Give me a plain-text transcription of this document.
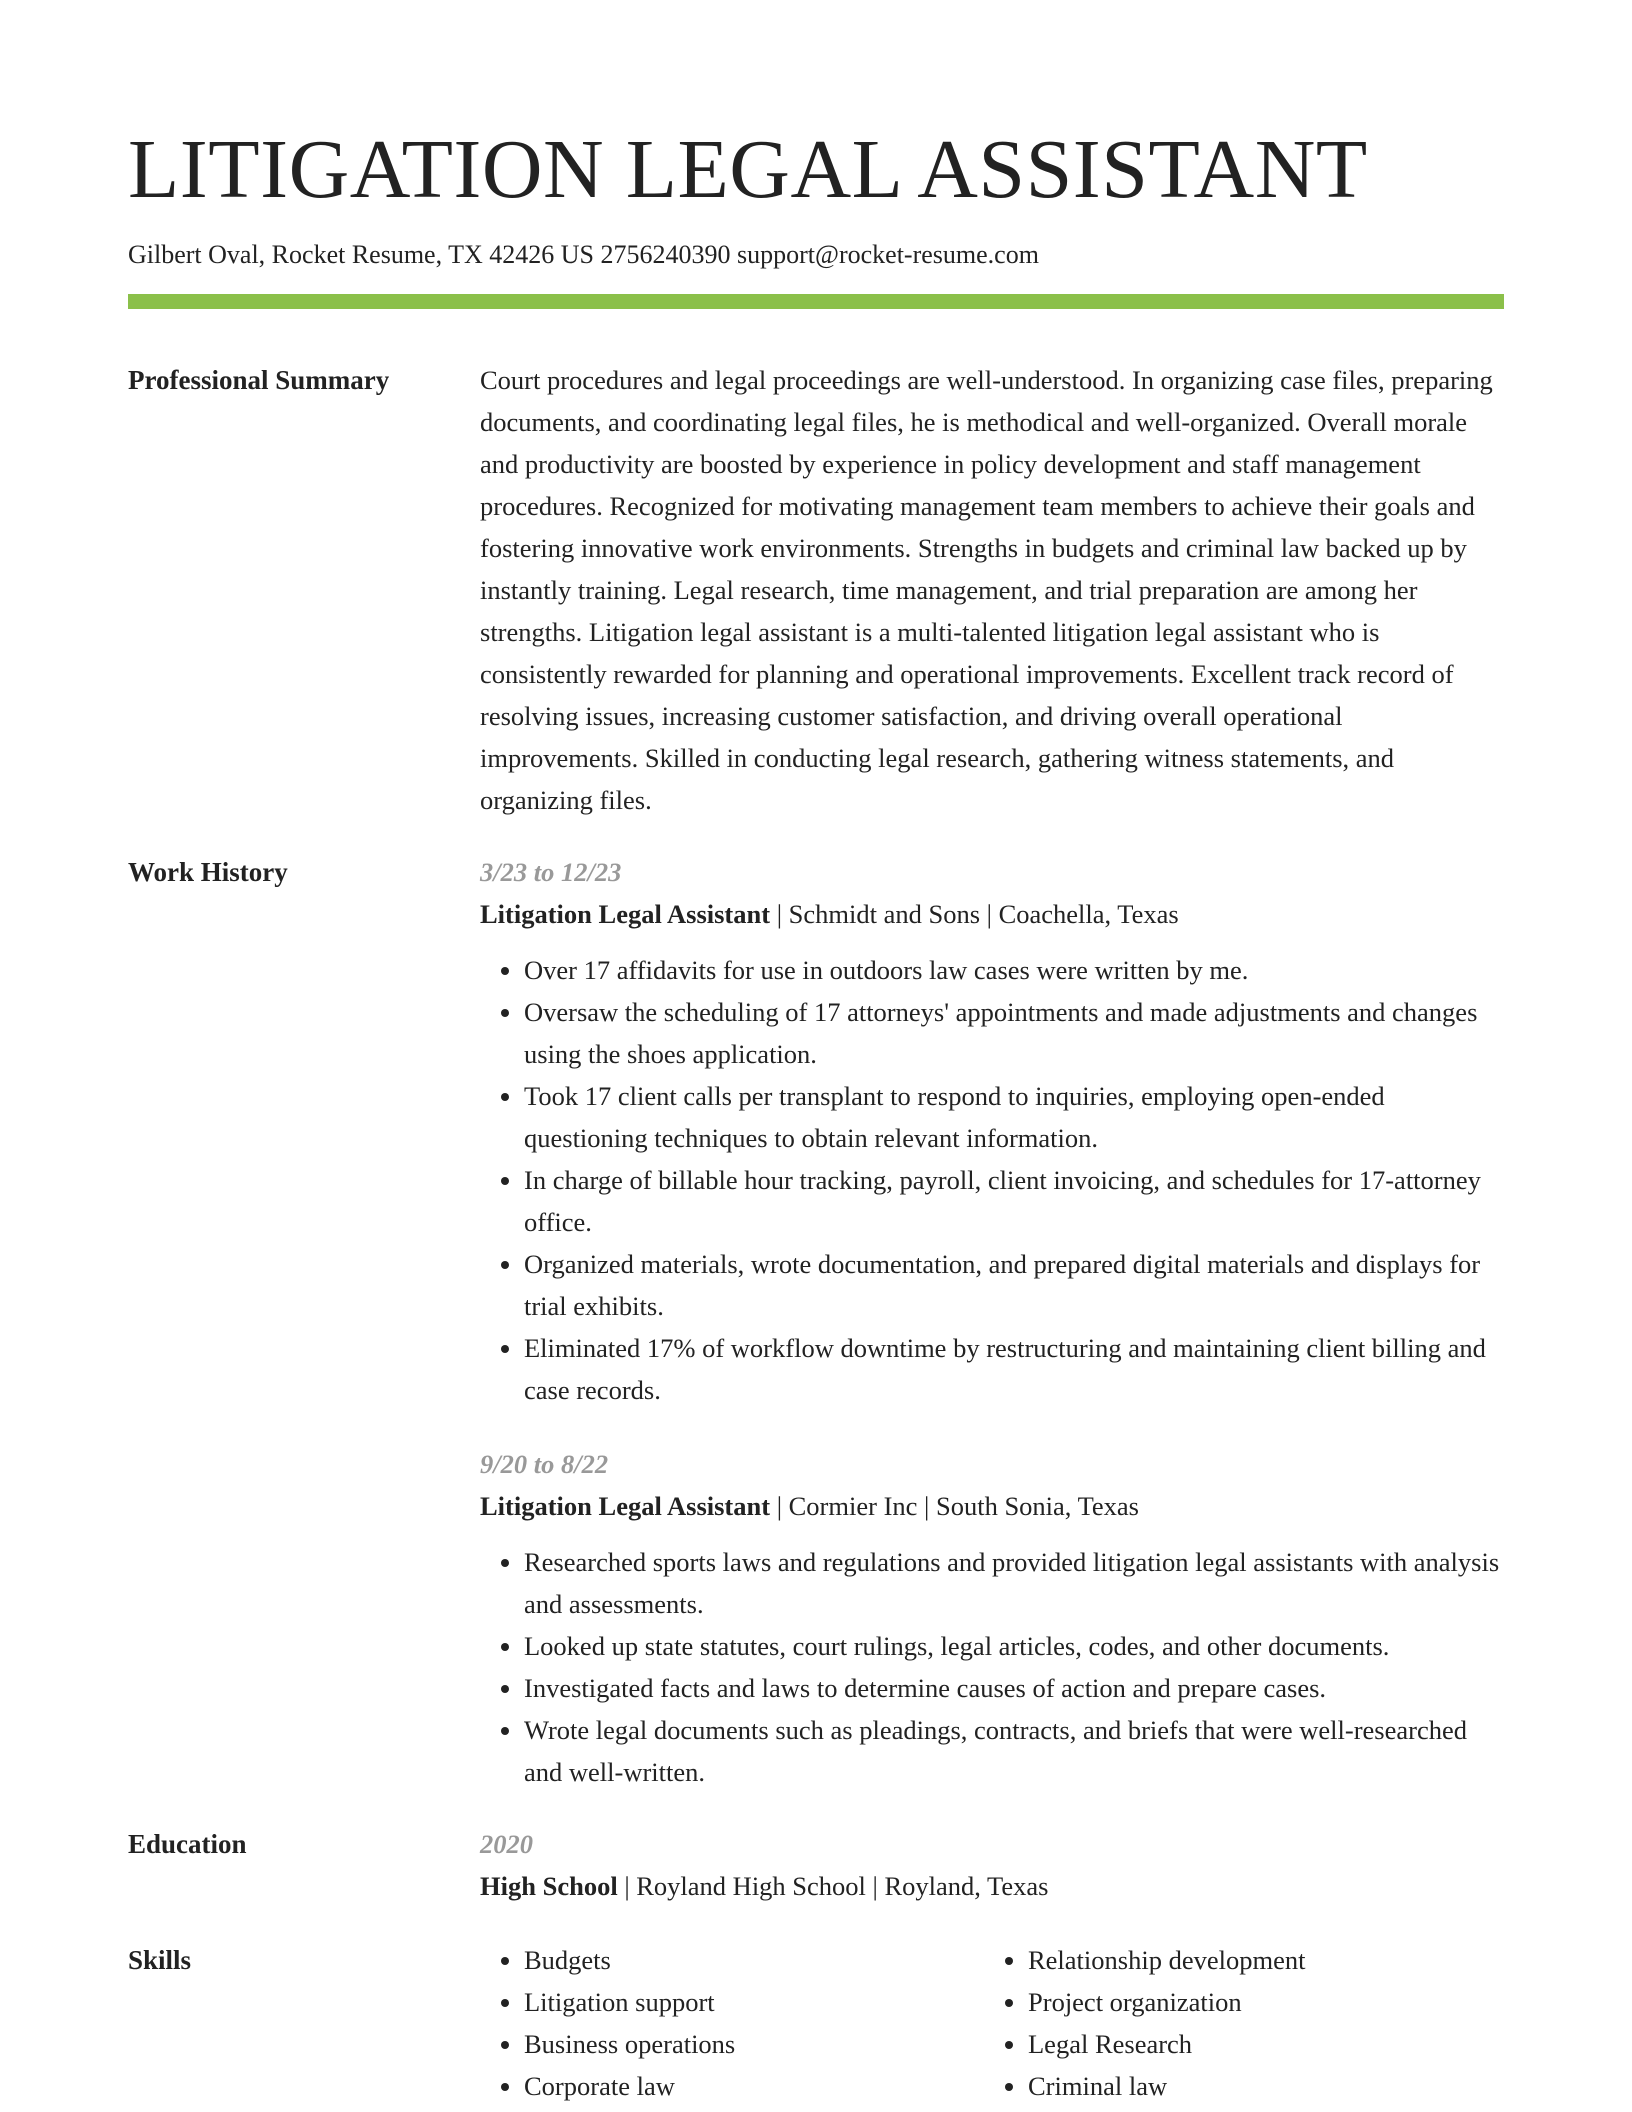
LITIGATION LEGAL ASSISTANT
Gilbert Oval, Rocket Resume, TX 42426 US 2756240390 support@rocket-resume.com
Professional Summary	Court procedures and legal proceedings are well-understood. In organizing case files, preparing documents, and coordinating legal files, he is methodical and well-organized. Overall morale and productivity are boosted by experience in policy development and staff management procedures. Recognized for motivating management team members to achieve their goals and fostering innovative work environments. Strengths in budgets and criminal law backed up by instantly training. Legal research, time management, and trial preparation are among her strengths. Litigation legal assistant is a multi-talented litigation legal assistant who is consistently rewarded for planning and operational improvements. Excellent track record of resolving issues, increasing customer satisfaction, and driving overall operational improvements. Skilled in conducting legal research, gathering witness statements, and organizing files.

Work History	3/23 to 12/23
Litigation Legal Assistant | Schmidt and Sons | Coachella, Texas
• Over 17 affidavits for use in outdoors law cases were written by me.
• Oversaw the scheduling of 17 attorneys' appointments and made adjustments and changes using the shoes application.
• Took 17 client calls per transplant to respond to inquiries, employing open-ended questioning techniques to obtain relevant information.
• In charge of billable hour tracking, payroll, client invoicing, and schedules for 17-attorney office.
• Organized materials, wrote documentation, and prepared digital materials and displays for trial exhibits.
• Eliminated 17% of workflow downtime by restructuring and maintaining client billing and case records.
9/20 to 8/22
Litigation Legal Assistant | Cormier Inc | South Sonia, Texas
• Researched sports laws and regulations and provided litigation legal assistants with analysis and assessments.
• Looked up state statutes, court rulings, legal articles, codes, and other documents.
• Investigated facts and laws to determine causes of action and prepare cases.
• Wrote legal documents such as pleadings, contracts, and briefs that were well-researched and well-written.
Education	2020
High School | Royland High School | Royland, Texas
Skills
•	Budgets
• Litigation support
• Business operations
• Corporate law
• Relationship development
• Project organization
• Legal Research
• Criminal law
